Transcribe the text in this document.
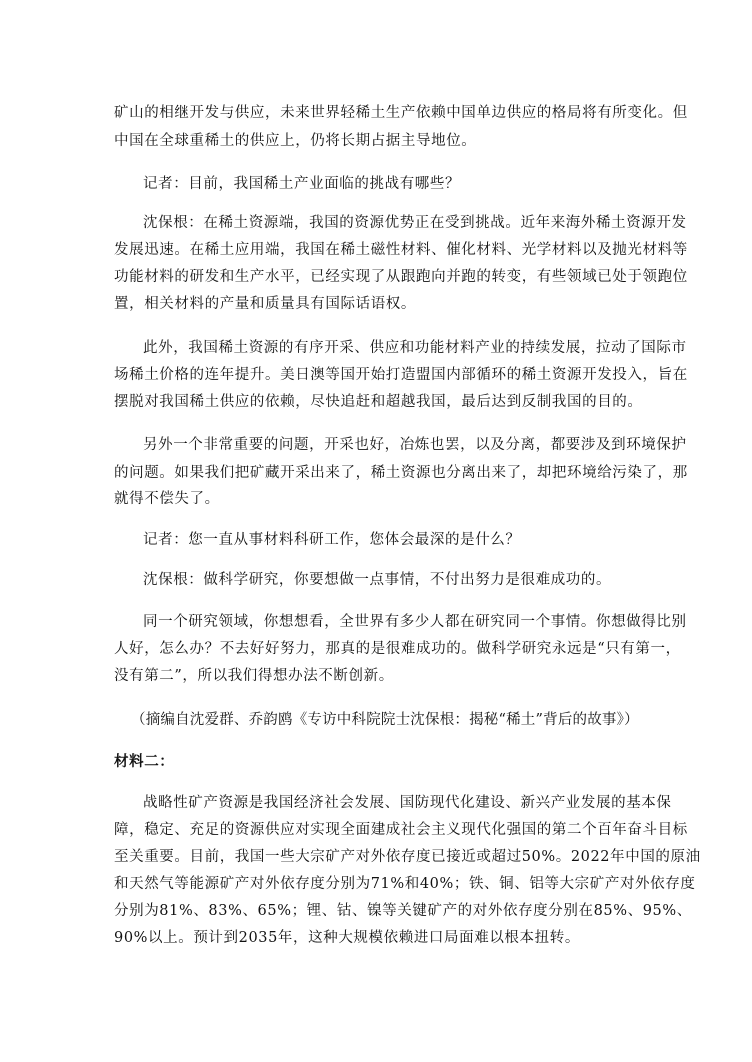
矿山的相继开发与供应，未来世界轻稀土生产依赖中国单边供应的格局将有所变化。但
中国在全球重稀土的供应上，仍将长期占据主导地位。
记者：目前，我国稀土产业面临的挑战有哪些？
沈保根：在稀土资源端，我国的资源优势正在受到挑战。近年来海外稀土资源开发
发展迅速。在稀土应用端，我国在稀土磁性材料、催化材料、光学材料以及抛光材料等
功能材料的研发和生产水平，已经实现了从跟跑向并跑的转变，有些领域已处于领跑位
置，相关材料的产量和质量具有国际话语权。
此外，我国稀土资源的有序开采、供应和功能材料产业的持续发展，拉动了国际市
场稀土价格的连年提升。美日澳等国开始打造盟国内部循环的稀土资源开发投入，旨在
摆脱对我国稀土供应的依赖，尽快追赶和超越我国，最后达到反制我国的目的。
另外一个非常重要的问题，开采也好，冶炼也罢，以及分离，都要涉及到环境保护
的问题。如果我们把矿藏开采出来了，稀土资源也分离出来了，却把环境给污染了，那
就得不偿失了。
记者：您一直从事材料科研工作，您体会最深的是什么？
沈保根：做科学研究，你要想做一点事情，不付出努力是很难成功的。
同一个研究领域，你想想看，全世界有多少人都在研究同一个事情。你想做得比别
人好，怎么办？不去好好努力，那真的是很难成功的。做科学研究永远是“只有第一，
没有第二”，所以我们得想办法不断创新。
（摘编自沈爱群、乔韵鸥《专访中科院院士沈保根：揭秘“稀土”背后的故事》）
材料二：
战略性矿产资源是我国经济社会发展、国防现代化建设、新兴产业发展的基本保
障，稳定、充足的资源供应对实现全面建成社会主义现代化强国的第二个百年奋斗目标
至关重要。目前，我国一些大宗矿产对外依存度已接近或超过50%。2022年中国的原油
和天然气等能源矿产对外依存度分别为71%和40%；铁、铜、铝等大宗矿产对外依存度
分别为81%、83%、65%；锂、钴、镍等关键矿产的对外依存度分别在85%、95%、
90%以上。预计到2035年，这种大规模依赖进口局面难以根本扭转。
